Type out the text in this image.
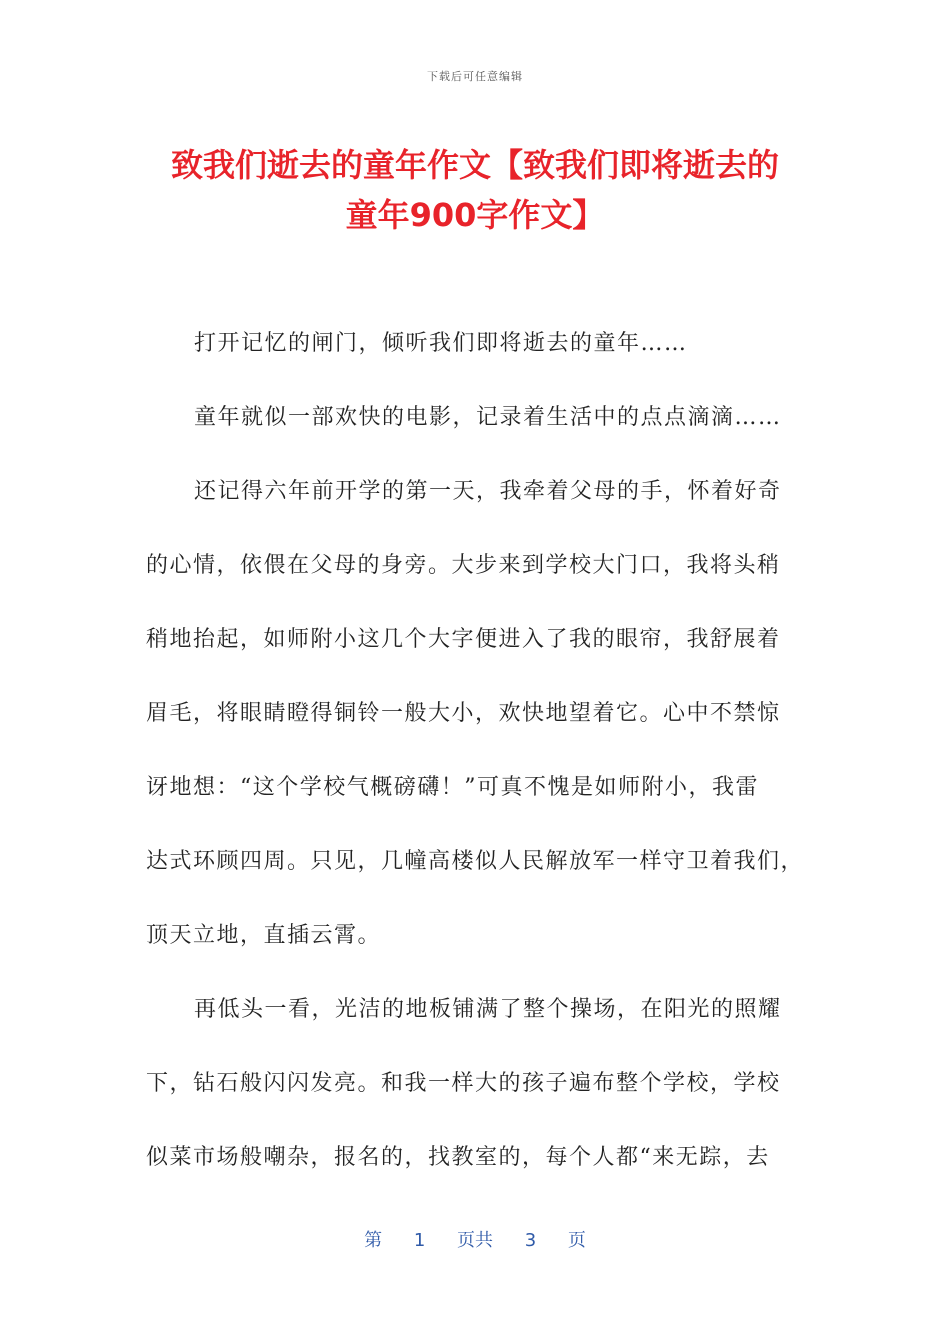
下载后可任意编辑
致我们逝去的童年作文【致我们即将逝去的
童年900字作文】
打开记忆的闸门，倾听我们即将逝去的童年……
童年就似一部欢快的电影，记录着生活中的点点滴滴……
还记得六年前开学的第一天，我牵着父母的手，怀着好奇
的心情，依偎在父母的身旁。大步来到学校大门口，我将头稍
稍地抬起，如师附小这几个大字便进入了我的眼帘，我舒展着
眉毛，将眼睛瞪得铜铃一般大小，欢快地望着它。心中不禁惊
讶地想：“这个学校气概磅礴！”可真不愧是如师附小，我雷
达式环顾四周。只见，几幢高楼似人民解放军一样守卫着我们，
顶天立地，直插云霄。
再低头一看，光洁的地板铺满了整个操场，在阳光的照耀
下，钻石般闪闪发亮。和我一样大的孩子遍布整个学校，学校
似菜市场般嘲杂，报名的，找教室的，每个人都“来无踪，去
第 1 页共 3 页
